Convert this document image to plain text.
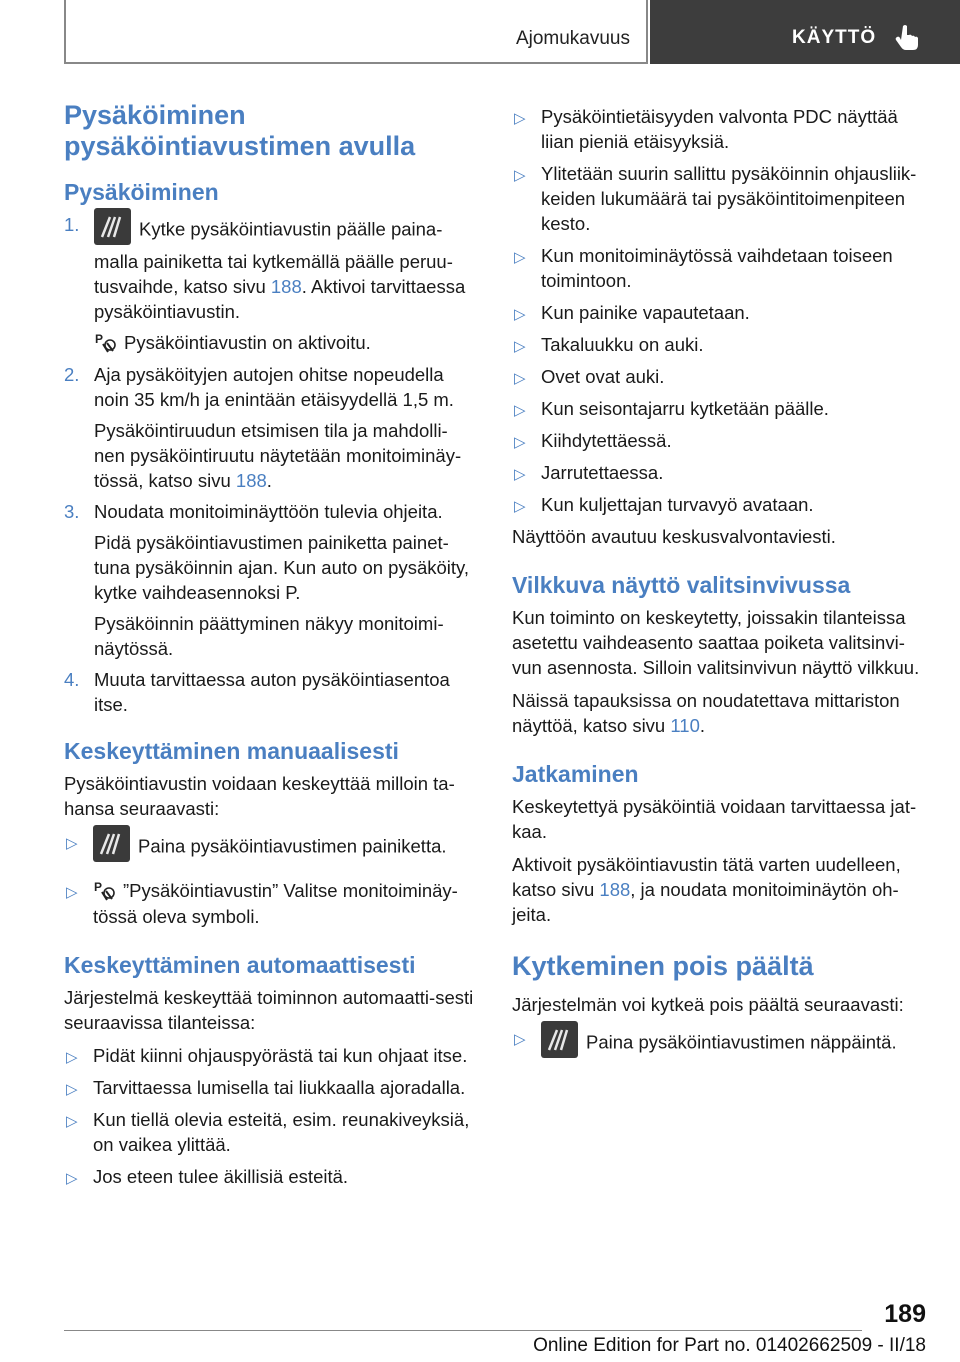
Ajomukavuus	KÄYTTÖ
Pysäköiminen pysäköintiavustimen avulla
Pysäköiminen
1.	Kytke pysäköintiavustin päälle paina-malla painiketta tai kytkemällä päälle peruu-tusvaihde, katso sivu 188. Aktivoi tarvittaessa pysäköintiavustin.

P Pysäköintiavustin on aktivoitu.

2. Aja pysäköityjen autojen ohitse nopeudella noin 35 km/h ja enintään etäisyydellä 1,5 m.

Pysäköintiruudun etsimisen tila ja mahdolli-nen pysäköintiruutu näytetään monitoiminäy-tössä, katso sivu 188.

3. Noudata monitoiminäyttöön tulevia ohjeita.

Pidä pysäköintiavustimen painiketta painet-tuna pysäköinnin ajan. Kun auto on pysäköity, kytke vaihdeasennoksi P.

Pysäköinnin päättyminen näkyy monitoimi-näytössä.

4. Muuta tarvittaessa auton pysäköintiasentoa itse.

Keskeyttäminen manuaalisesti

Pysäköintiavustin voidaan keskeyttää milloin ta-hansa seuraavasti:

▷	Paina pysäköintiavustimen painiketta.
▷ P ”Pysäköintiavustin” Valitse monitoiminäy-tössä oleva symboli.
Keskeyttäminen automaattisesti

Järjestelmä keskeyttää toiminnon automaatti-sesti seuraavissa tilanteissa:

▷ Pidät kiinni ohjauspyörästä tai kun ohjaat itse.
▷ Tarvittaessa lumisella tai liukkaalla ajoradalla.
▷ Kun tiellä olevia esteitä, esim. reunakiveyksiä, on vaikea ylittää.
▷ Jos eteen tulee äkillisiä esteitä.
▷ Pysäköintietäisyyden valvonta PDC näyttää liian pieniä etäisyyksiä.
▷ Ylitetään suurin sallittu pysäköinnin ohjausliik-keiden lukumäärä tai pysäköintitoimenpiteen kesto.
▷ Kun monitoiminäytössä vaihdetaan toiseen toimintoon.
▷ Kun painike vapautetaan.
▷ Takaluukku on auki.
▷ Ovet ovat auki.
▷ Kun seisontajarru kytketään päälle.
▷ Kiihdytettäessä.
▷ Jarrutettaessa.
▷ Kun kuljettajan turvavyö avataan.

Näyttöön avautuu keskusvalvontaviesti.

Vilkkuva näyttö valitsinvivussa

Kun toiminto on keskeytetty, joissakin tilanteissa asetettu vaihdeasento saattaa poiketa valitsinvi-vun asennosta. Silloin valitsinvivun näyttö vilkkuu.

Näissä tapauksissa on noudatettava mittariston näyttöä, katso sivu 110.

Jatkaminen

Keskeytettyä pysäköintiä voidaan tarvittaessa jat-kaa.

Aktivoit pysäköintiavustin tätä varten uudelleen, katso sivu 188, ja noudata monitoiminäytön oh-jeita.

Kytkeminen pois päältä

Järjestelmän voi kytkeä pois päältä seuraavasti:

▷	Paina pysäköintiavustimen näppäintä.
189
Online Edition for Part no. 01402662509 - II/18
